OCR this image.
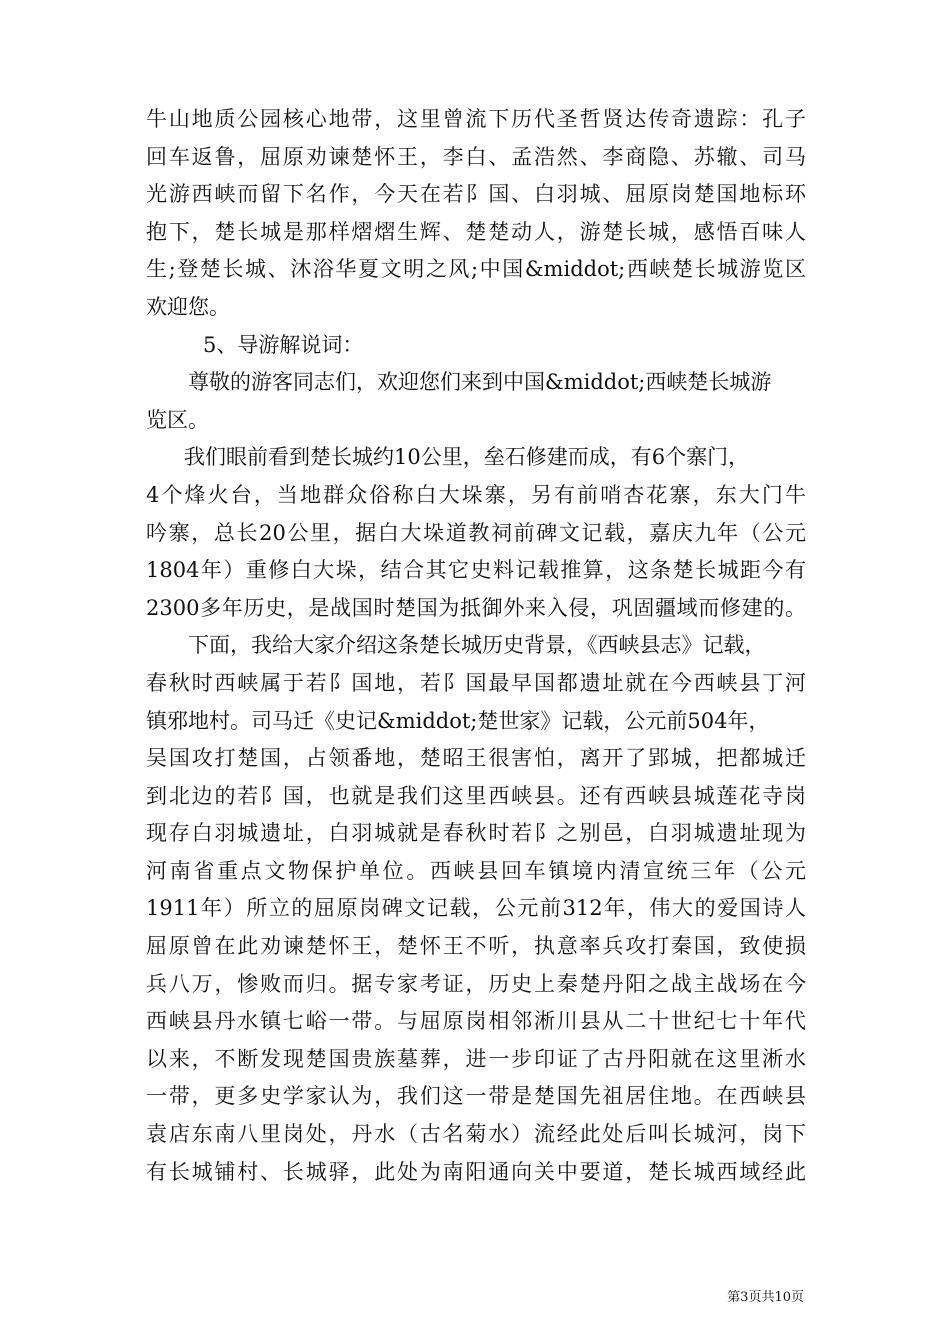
牛山地质公园核心地带，这里曾流下历代圣哲贤达传奇遗踪：孔子
回车返鲁，屈原劝谏楚怀王，李白、孟浩然、李商隐、苏辙、司马
光游西峡而留下名作，今天在若阝国、白羽城、屈原岗楚国地标环
抱下，楚长城是那样熠熠生辉、楚楚动人，游楚长城，感悟百味人
生;登楚长城、沐浴华夏文明之风;中国&middot;西峡楚长城游览区
欢迎您。
5、导游解说词：
尊敬的游客同志们，欢迎您们来到中国&middot;西峡楚长城游
览区。
我们眼前看到楚长城约10公里，垒石修建而成，有6个寨门，
4个烽火台，当地群众俗称白大垛寨，另有前哨杏花寨，东大门牛
吟寨，总长20公里，据白大垛道教祠前碑文记载，嘉庆九年（公元
1804年）重修白大垛，结合其它史料记载推算，这条楚长城距今有
2300多年历史，是战国时楚国为抵御外来入侵，巩固疆域而修建的。
下面，我给大家介绍这条楚长城历史背景，《西峡县志》记载，
春秋时西峡属于若阝国地，若阝国最早国都遗址就在今西峡县丁河
镇邪地村。司马迁《史记&middot;楚世家》记载，公元前504年，
吴国攻打楚国，占领番地，楚昭王很害怕，离开了郢城，把都城迁
到北边的若阝国，也就是我们这里西峡县。还有西峡县城莲花寺岗
现存白羽城遗址，白羽城就是春秋时若阝之别邑，白羽城遗址现为
河南省重点文物保护单位。西峡县回车镇境内清宣统三年（公元
1911年）所立的屈原岗碑文记载，公元前312年，伟大的爱国诗人
屈原曾在此劝谏楚怀王，楚怀王不听，执意率兵攻打秦国，致使损
兵八万，惨败而归。据专家考证，历史上秦楚丹阳之战主战场在今
西峡县丹水镇七峪一带。与屈原岗相邻淅川县从二十世纪七十年代
以来，不断发现楚国贵族墓葬，进一步印证了古丹阳就在这里淅水
一带，更多史学家认为，我们这一带是楚国先祖居住地。在西峡县
袁店东南八里岗处，丹水（古名菊水）流经此处后叫长城河，岗下
有长城铺村、长城驿，此处为南阳通向关中要道，楚长城西域经此
第3页共10页
